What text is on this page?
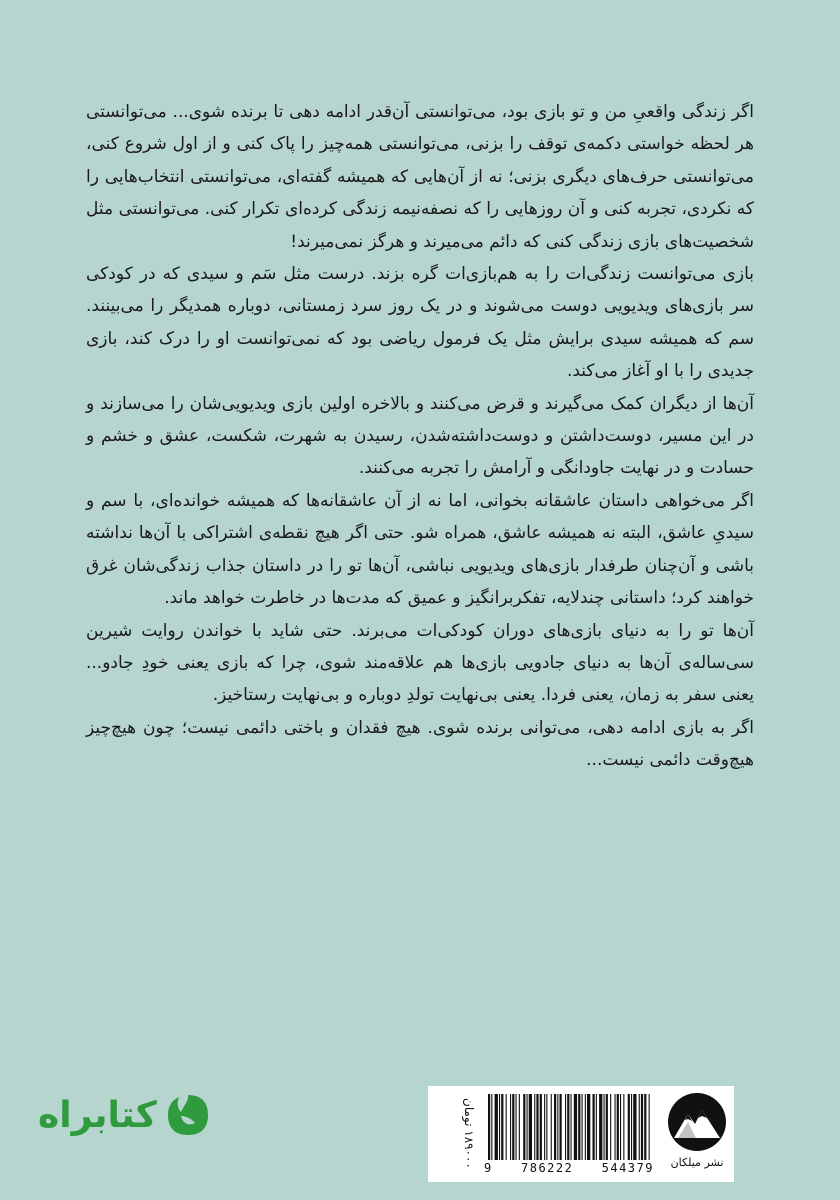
اگر زندگی واقعیِ من و تو بازی بود، می‌توانستی آن‌قدر ادامه دهی تا برنده شوی... می‌توانستی هر لحظه خواستی دکمه‌ی توقف را بزنی، می‌توانستی همه‌چیز را پاک کنی و از اول شروع کنی، می‌توانستی حرف‌های دیگری بزنی؛ نه از آن‌هایی که همیشه گفته‌ای، می‌توانستی انتخاب‌هایی را که نکردی، تجربه کنی و آن روزهایی را که نصفه‌نیمه زندگی کرده‌ای تکرار کنی. می‌توانستی مثل شخصیت‌های بازی زندگی کنی که دائم می‌میرند و هرگز نمی‌میرند!

بازی می‌توانست زندگی‌ات را به هم‌بازی‌ات گره بزند. درست مثل سَم و سیدی که در کودکی سر بازی‌های ویدیویی دوست می‌شوند و در یک روز سرد زمستانی، دوباره همدیگر را می‌بینند. سم که همیشه سیدی برایش مثل یک فرمول ریاضی بود که نمی‌توانست او را درک کند، بازی جدیدی را با او آغاز می‌کند.

آن‌ها از دیگران کمک می‌گیرند و قرض می‌کنند و بالاخره اولین بازی ویدیویی‌شان را می‌سازند و در این مسیر، دوست‌داشتن و دوست‌داشته‌شدن، رسیدن به شهرت، شکست، عشق و خشم و حسادت و در نهایت جاودانگی و آرامش را تجربه می‌کنند.

اگر می‌خواهی داستان عاشقانه بخوانی، اما نه از آن عاشقانه‌ها که همیشه خوانده‌ای، با سم و سیدیِ عاشق، البته نه همیشه عاشق، همراه شو. حتی اگر هیچ نقطه‌ی اشتراکی با آن‌ها نداشته باشی و آن‌چنان طرفدار بازی‌های ویدیویی نباشی، آن‌ها تو را در داستان جذاب زندگی‌شان غرق خواهند کرد؛ داستانی چندلایه، تفکربرانگیز و عمیق که مدت‌ها در خاطرت خواهد ماند.

آن‌ها تو را به دنیای بازی‌های دوران کودکی‌ات می‌برند. حتی شاید با خواندن روایت شیرین سی‌ساله‌ی آن‌ها به دنیای جادویی بازی‌ها هم علاقه‌مند شوی، چرا که بازی یعنی خودِ جادو... یعنی سفر به زمان، یعنی فردا. یعنی بی‌نهایت تولدِ دوباره و بی‌نهایت رستاخیز.

اگر به بازی ادامه دهی، می‌توانی برنده شوی. هیچ فقدان و باختی دائمی نیست؛ چون هیچ‌چیز هیچ‌وقت دائمی نیست...

کتابراه	۱۸۹۰۰۰ تومان 9 786222 544379	نشر میلکان
